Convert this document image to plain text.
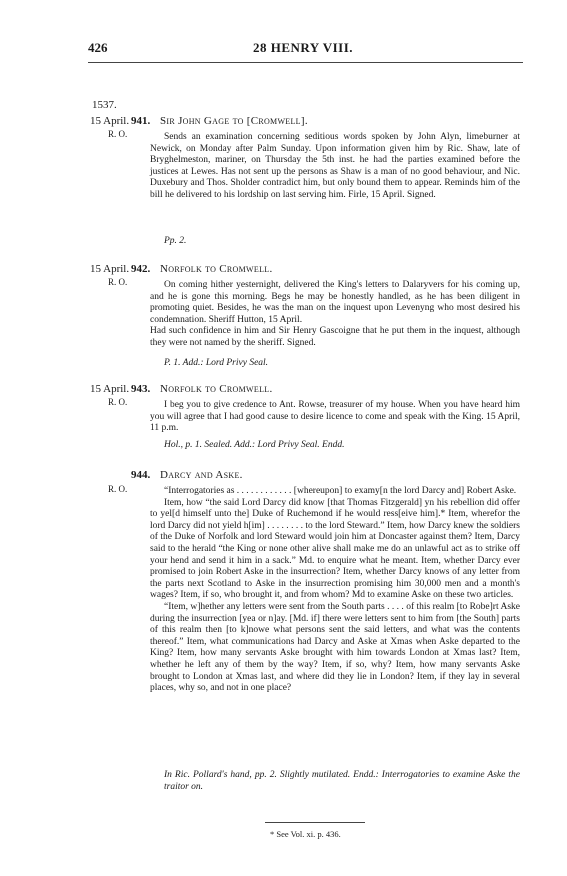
426	28 HENRY VIII.
1537.
15 April.
R. O.
941. Sir John Gage to [Cromwell].

Sends an examination concerning seditious words spoken by John Alyn, limeburner at Newick, on Monday after Palm Sunday. Upon information given him by Ric. Shaw, late of Bryghelmeston, mariner, on Thursday the 5th inst. he had the parties examined before the justices at Lewes. Has not sent up the persons as Shaw is a man of no good behaviour, and Nic. Duxebury and Thos. Sholder contradict him, but only bound them to appear. Reminds him of the bill he delivered to his lordship on last serving him. Firle, 15 April. Signed.

Pp. 2.
15 April.
R. O.
942. Norfolk to Cromwell.

On coming hither yesternight, delivered the King's letters to Dalaryvers for his coming up, and he is gone this morning. Begs he may be honestly handled, as he has been diligent in promoting quiet. Besides, he was the man on the inquest upon Levenyng who most desired his condemnation. Sheriff Hutton, 15 April.

Had such confidence in him and Sir Henry Gascoigne that he put them in the inquest, although they were not named by the sheriff. Signed.

P. 1. Add.: Lord Privy Seal.
15 April.
R. O.
943. Norfolk to Cromwell.

I beg you to give credence to Ant. Rowse, treasurer of my house. When you have heard him you will agree that I had good cause to desire licence to come and speak with the King. 15 April, 11 p.m.

Hol., p. 1. Sealed. Add.: Lord Privy Seal. Endd.
R. O.
944. Darcy and Aske.

“Interrogatories as . . . . . . . . . . . . [whereupon] to examy[n the lord Darcy and] Robert Aske.

Item, how “the said Lord Darcy did know [that Thomas Fitzgerald] yn his rebellion did offer to yel[d himself unto the] Duke of Ruchemond if he would ress[eive him].* Item, wherefor the lord Darcy did not yield h[im] . . . . . . . . to the lord Steward.” Item, how Darcy knew the soldiers of the Duke of Norfolk and lord Steward would join him at Doncaster against them? Item, Darcy said to the herald “the King or none other alive shall make me do an unlawful act as to strike off your hend and send it him in a sack.” Md. to enquire what he meant. Item, whether Darcy ever promised to join Robert Aske in the insurrection? Item, whether Darcy knows of any letter from the parts next Scotland to Aske in the insurrection promising him 30,000 men and a month's wages? Item, if so, who brought it, and from whom? Md to examine Aske on these two articles.

“Item, w]hether any letters were sent from the South parts . . . . of this realm [to Robe]rt Aske during the insurrection [yea or n]ay. [Md. if] there were letters sent to him from [the South] parts of this realm then [to k]nowe what persons sent the said letters, and what was the contents thereof.” Item, what communications had Darcy and Aske at Xmas when Aske departed to the King? Item, how many servants Aske brought with him towards London at Xmas last? Item, whether he left any of them by the way? Item, if so, why? Item, how many servants Aske brought to London at Xmas last, and where did they lie in London? Item, if they lay in several places, why so, and not in one place?

In Ric. Pollard's hand, pp. 2. Slightly mutilated. Endd.: Interrogatories to examine Aske the traitor on.
* See Vol. xi. p. 436.
